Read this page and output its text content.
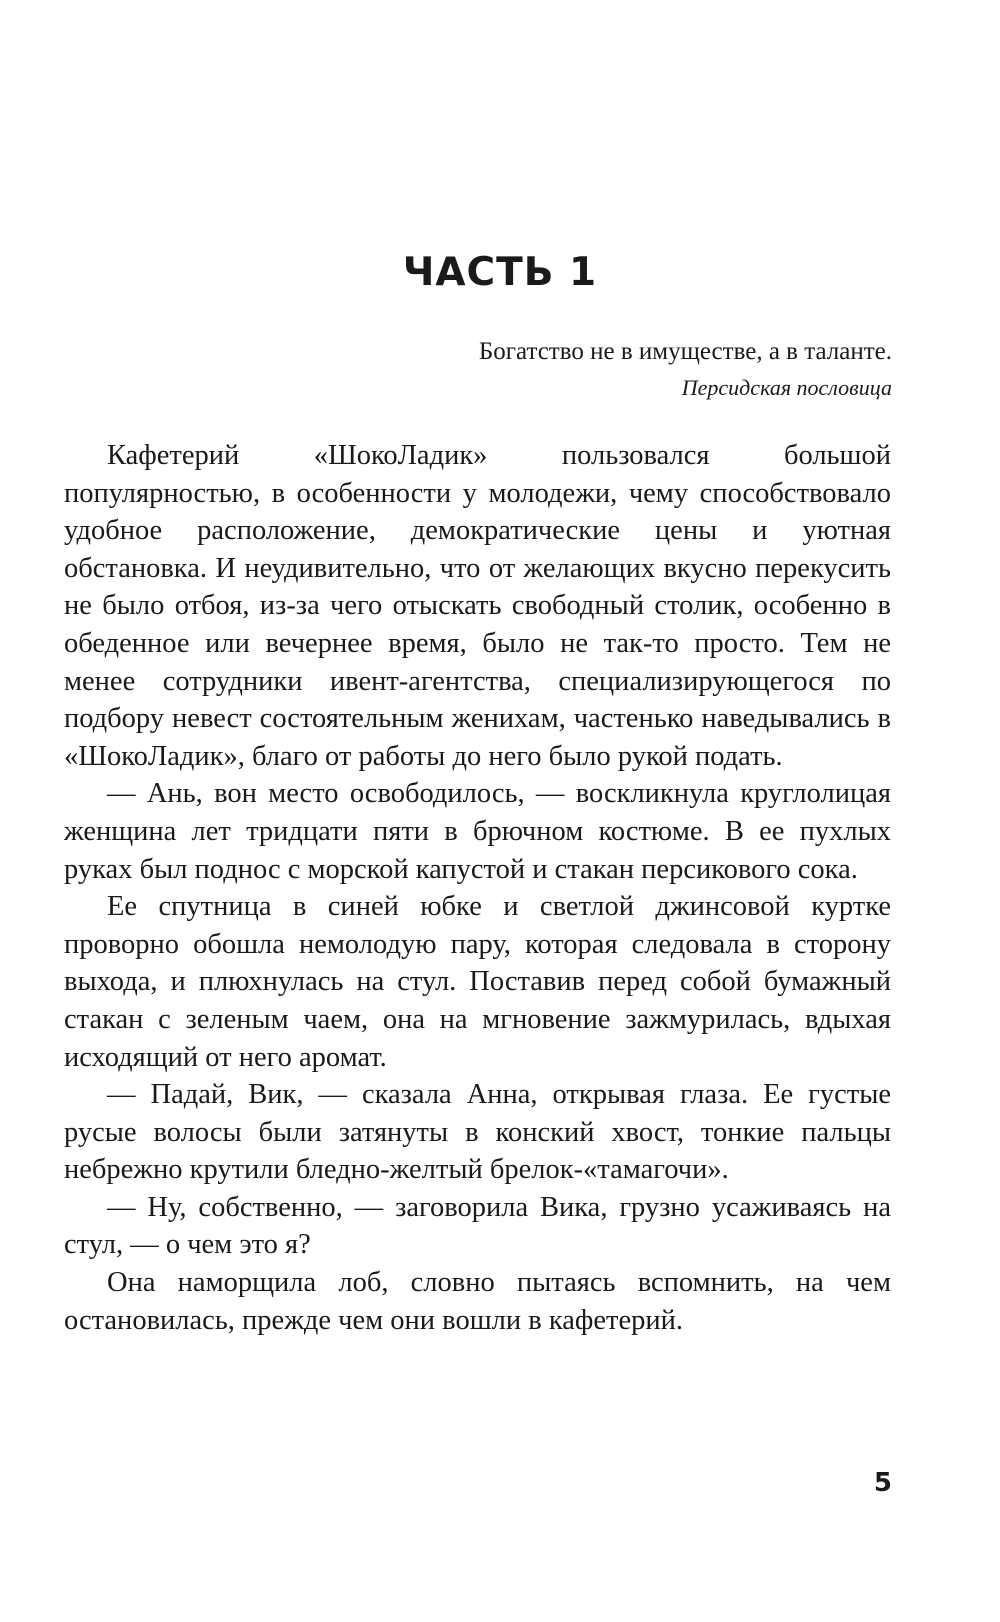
ЧАСТЬ 1
Богатство не в имуществе, а в таланте.
Персидская пословица

Кафетерий «ШокоЛадик» пользовался большой популярностью, в особенности у молодежи, чему способствовало удобное расположение, демократические цены и уютная обстановка. И неудивительно, что от желающих вкусно перекусить не было отбоя, из-за чего отыскать свободный столик, особенно в обеденное или вечернее время, было не так-то просто. Тем не менее сотрудники ивент-агентства, специализирующегося по подбору невест состоятельным женихам, частенько наведывались в «ШокоЛадик», благо от работы до него было рукой подать.

— Ань, вон место освободилось, — воскликнула круглолицая женщина лет тридцати пяти в брючном костюме. В ее пухлых руках был поднос с морской капустой и стакан персикового сока.

Ее спутница в синей юбке и светлой джинсовой куртке проворно обошла немолодую пару, которая следовала в сторону выхода, и плюхнулась на стул. Поставив перед собой бумажный стакан с зеленым чаем, она на мгновение зажмурилась, вдыхая исходящий от него аромат.

— Падай, Вик, — сказала Анна, открывая глаза. Ее густые русые волосы были затянуты в конский хвост, тонкие пальцы небрежно крутили бледно-желтый брелок-«тамагочи».

— Ну, собственно, — заговорила Вика, грузно усаживаясь на стул, — о чем это я?

Она наморщила лоб, словно пытаясь вспомнить, на чем остановилась, прежде чем они вошли в кафетерий.

5
